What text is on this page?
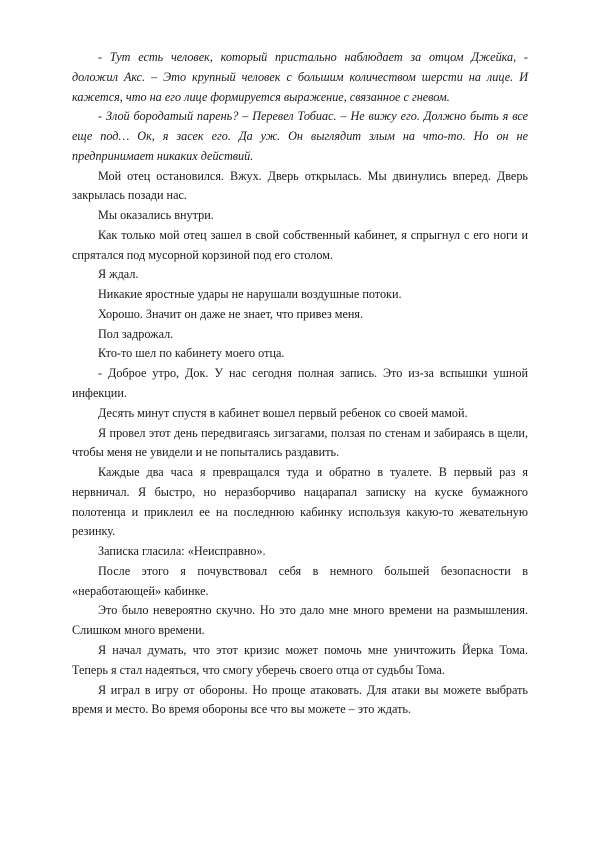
- Тут есть человек, который пристально наблюдает за отцом Джейка, - доложил Акс. – Это крупный человек с большим количеством шерсти на лице. И кажется, что на его лице формируется выражение, связанное с гневом.

- Злой бородатый парень? – Перевел Тобиас. – Не вижу его. Должно быть я все еще под… Ок, я засек его. Да уж. Он выглядит злым на что-то. Но он не предпринимает никаких действий.

Мой отец остановился. Вжух. Дверь открылась. Мы двинулись вперед. Дверь закрылась позади нас.

Мы оказались внутри.

Как только мой отец зашел в свой собственный кабинет, я спрыгнул с его ноги и спрятался под мусорной корзиной под его столом.

Я ждал.

Никакие яростные удары не нарушали воздушные потоки.

Хорошо. Значит он даже не знает, что привез меня.

Пол задрожал.

Кто-то шел по кабинету моего отца.

- Доброе утро, Док. У нас сегодня полная запись. Это из-за вспышки ушной инфекции.

Десять минут спустя в кабинет вошел первый ребенок со своей мамой.

Я провел этот день передвигаясь зигзагами, ползая по стенам и забираясь в щели, чтобы меня не увидели и не попытались раздавить.

Каждые два часа я превращался туда и обратно в туалете. В первый раз я нервничал. Я быстро, но неразборчиво нацарапал записку на куске бумажного полотенца и приклеил ее на последнюю кабинку используя какую-то жевательную резинку.

Записка гласила: «Неисправно».

После этого я почувствовал себя в немного большей безопасности в «неработающей» кабинке.

Это было невероятно скучно. Но это дало мне много времени на размышления. Слишком много времени.

Я начал думать, что этот кризис может помочь мне уничтожить Йерка Тома. Теперь я стал надеяться, что смогу уберечь своего отца от судьбы Тома.

Я играл в игру от обороны. Но проще атаковать. Для атаки вы можете выбрать время и место. Во время обороны все что вы можете – это ждать.
